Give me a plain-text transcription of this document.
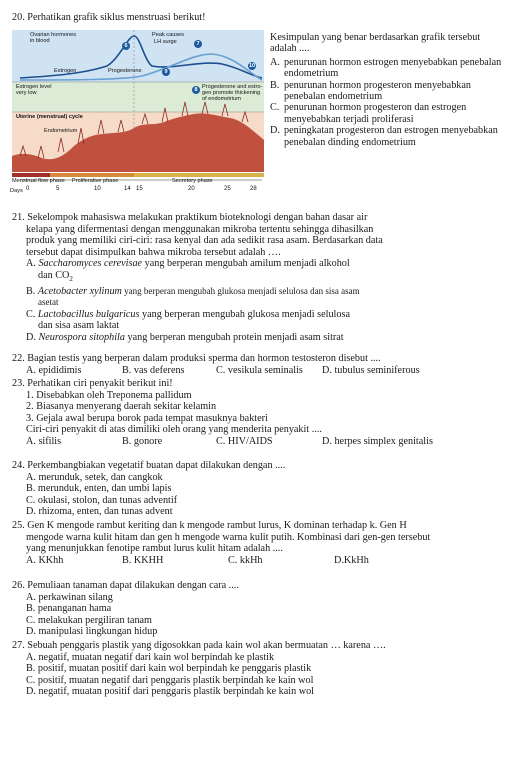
20. Perhatikan grafik siklus menstruasi berikut!
Ovarian hormones
in blood
Peak causes
LH surge
Estrogen	Progesterone
Estrogen level
very low
Progesterone and estro-
gen promote thickening
of endometrium
Uterine (menstrual) cycle
Endometrium
Menstrual flow phase Proliferative phase	Secretory phase
Days 0	5	10	14 15	20	25	28
6	7
10
8
9
Kesimpulan yang benar berdasarkan grafik tersebut adalah ....
A. penurunan hormon estrogen menyebabkan penebalan endometrium
B. penurunan hormon progesteron menyebabkan penebalan endometrium
C. penurunan hormon progesteron dan estrogen menyebabkan terjadi proliferasi
D. peningkatan progesteron dan estrogen menyebabkan penebalan dinding endometrium
21. Sekelompok mahasiswa melakukan praktikum bioteknologi dengan bahan dasar air
kelapa yang difermentasi dengan menggunakan mikroba tertentu sehingga dihasilkan
produk yang memiliki ciri-ciri: rasa kenyal dan ada sedikit rasa asam. Berdasarkan data
tersebut dapat disimpulkan bahwa mikroba tersebut adalah ….
A. Saccharomyces cerevisae yang berperan mengubah amilum menjadi alkohol
dan $CO_2$
B. Acetobacter xylinum yang berperan mengubah glukosa menjadi selulosa dan sisa asam
asetat
C. Lactobacillus bulgaricus yang berperan mengubah glukosa menjadi selulosa
dan sisa asam laktat
D. Neurospora sitophila yang berperan mengubah protein menjadi asam sitrat
22. Bagian testis yang berperan dalam produksi sperma dan hormon testosteron disebut ....
A. epididimis	B. vas deferens	C. vesikula seminalis	D. tubulus seminiferous
23. Perhatikan ciri penyakit berikut ini!
1. Disebabkan oleh Treponema pallidum
2. Biasanya menyerang daerah sekitar kelamin
3. Gejala awal berupa borok pada tempat masuknya bakteri
Ciri-ciri penyakit di atas dimiliki oleh orang yang menderita penyakit ....
A. sifilis	B. gonore	C. HIV/AIDS	D. herpes simplex genitalis
24. Perkembangbiakan vegetatif buatan dapat dilakukan dengan ....
A. merunduk, setek, dan cangkok
B. merunduk, enten, dan umbi lapis
C. okulasi, stolon, dan tunas adventif
D. rhizoma, enten, dan tunas advent
25. Gen K mengode rambut keriting dan k mengode rambut lurus, K dominan terhadap k. Gen H
mengode warna kulit hitam dan gen h mengode warna kulit putih. Kombinasi dari gen-gen tersebut
yang menunjukkan fenotipe rambut lurus kulit hitam adalah ....
A. KKhh	B. KKHH	C. kkHh	D.KkHh
26. Pemuliaan tanaman dapat dilakukan dengan cara ....
A. perkawinan silang
B. penanganan hama
C. melakukan pergiliran tanam
D. manipulasi lingkungan hidup
27. Sebuah penggaris plastik yang digosokkan pada kain wol akan bermuatan … karena ….
A. negatif, muatan negatif dari kain wol berpindah ke plastik
B. positif, muatan positif dari kain wol berpindah ke penggaris plastik
C. positif, muatan negatif dari penggaris plastik berpindah ke kain wol
D. negatif, muatan positif dari penggaris plastik berpindah ke kain wol
